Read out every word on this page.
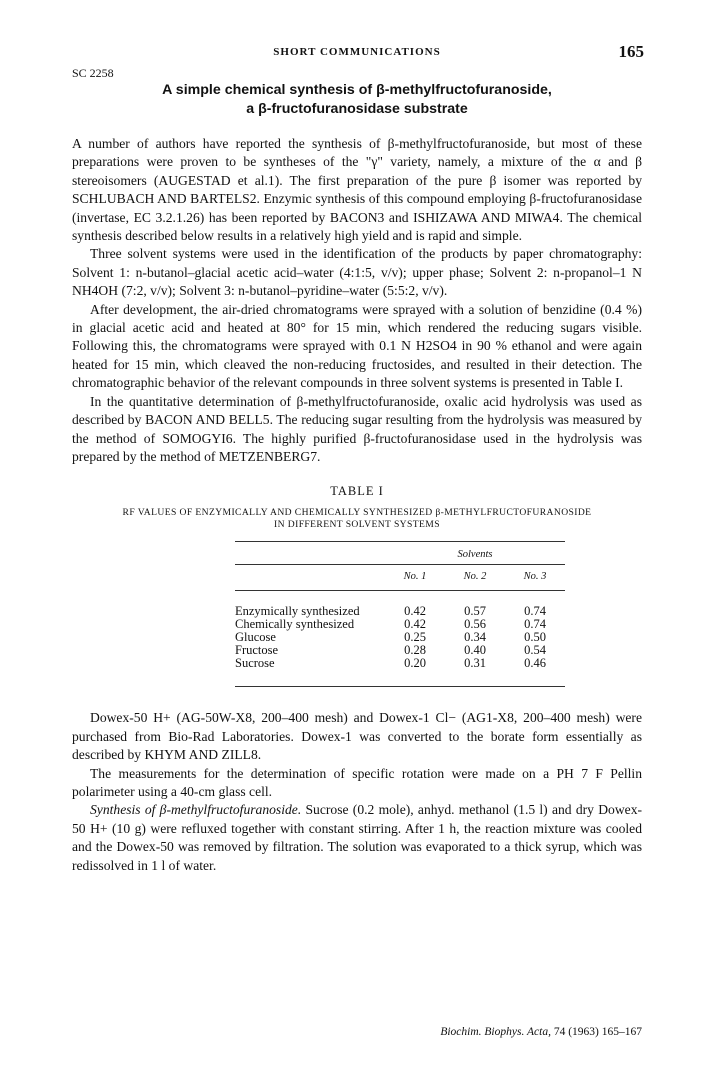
SHORT COMMUNICATIONS	165
SC 2258
A simple chemical synthesis of β-methylfructofuranoside,
a β-fructofuranosidase substrate

A number of authors have reported the synthesis of β-methylfructofuranoside, but most of these preparations were proven to be syntheses of the "γ" variety, namely, a mixture of the α and β stereoisomers (AUGESTAD et al.1). The first preparation of the pure β isomer was reported by SCHLUBACH AND BARTELS2. Enzymic synthesis of this compound employing β-fructofuranosidase (invertase, EC 3.2.1.26) has been reported by BACON3 and ISHIZAWA AND MIWA4. The chemical synthesis described below results in a relatively high yield and is rapid and simple.

Three solvent systems were used in the identification of the products by paper chromatography: Solvent 1: n-butanol–glacial acetic acid–water (4:1:5, v/v); upper phase; Solvent 2: n-propanol–1 N NH4OH (7:2, v/v); Solvent 3: n-butanol–pyridine–water (5:5:2, v/v).

After development, the air-dried chromatograms were sprayed with a solution of benzidine (0.4 %) in glacial acetic acid and heated at 80° for 15 min, which rendered the reducing sugars visible. Following this, the chromatograms were sprayed with 0.1 N H2SO4 in 90 % ethanol and were again heated for 15 min, which cleaved the non-reducing fructosides, and resulted in their detection. The chromatographic behavior of the relevant compounds in three solvent systems is presented in Table I.

In the quantitative determination of β-methylfructofuranoside, oxalic acid hydrolysis was used as described by BACON AND BELL5. The reducing sugar resulting from the hydrolysis was measured by the method of SOMOGYI6. The highly purified β-fructofuranosidase used in the hydrolysis was prepared by the method of METZENBERG7.

TABLE I
RF VALUES OF ENZYMICALLY AND CHEMICALLY SYNTHESIZED β-METHYLFRUCTOFURANOSIDE
IN DIFFERENT SOLVENT SYSTEMS

	Solvents		

	No. 1	No. 2	No. 3

Enzymically synthesized	0.42	0.57	0.74
Chemically synthesized	0.42	0.56	0.74
Glucose	0.25	0.34	0.50
Fructose	0.28	0.40	0.54
Sucrose	0.20	0.31	0.46

Dowex-50 H+ (AG-50W-X8, 200–400 mesh) and Dowex-1 Cl− (AG1-X8, 200–400 mesh) were purchased from Bio-Rad Laboratories. Dowex-1 was converted to the borate form essentially as described by KHYM AND ZILL8.

The measurements for the determination of specific rotation were made on a PH 7 F Pellin polarimeter using a 40-cm glass cell.

Synthesis of β-methylfructofuranoside. Sucrose (0.2 mole), anhyd. methanol (1.5 l) and dry Dowex-50 H+ (10 g) were refluxed together with constant stirring. After 1 h, the reaction mixture was cooled and the Dowex-50 was removed by filtration. The solution was evaporated to a thick syrup, which was redissolved in 1 l of water.

Biochim. Biophys. Acta, 74 (1963) 165–167
